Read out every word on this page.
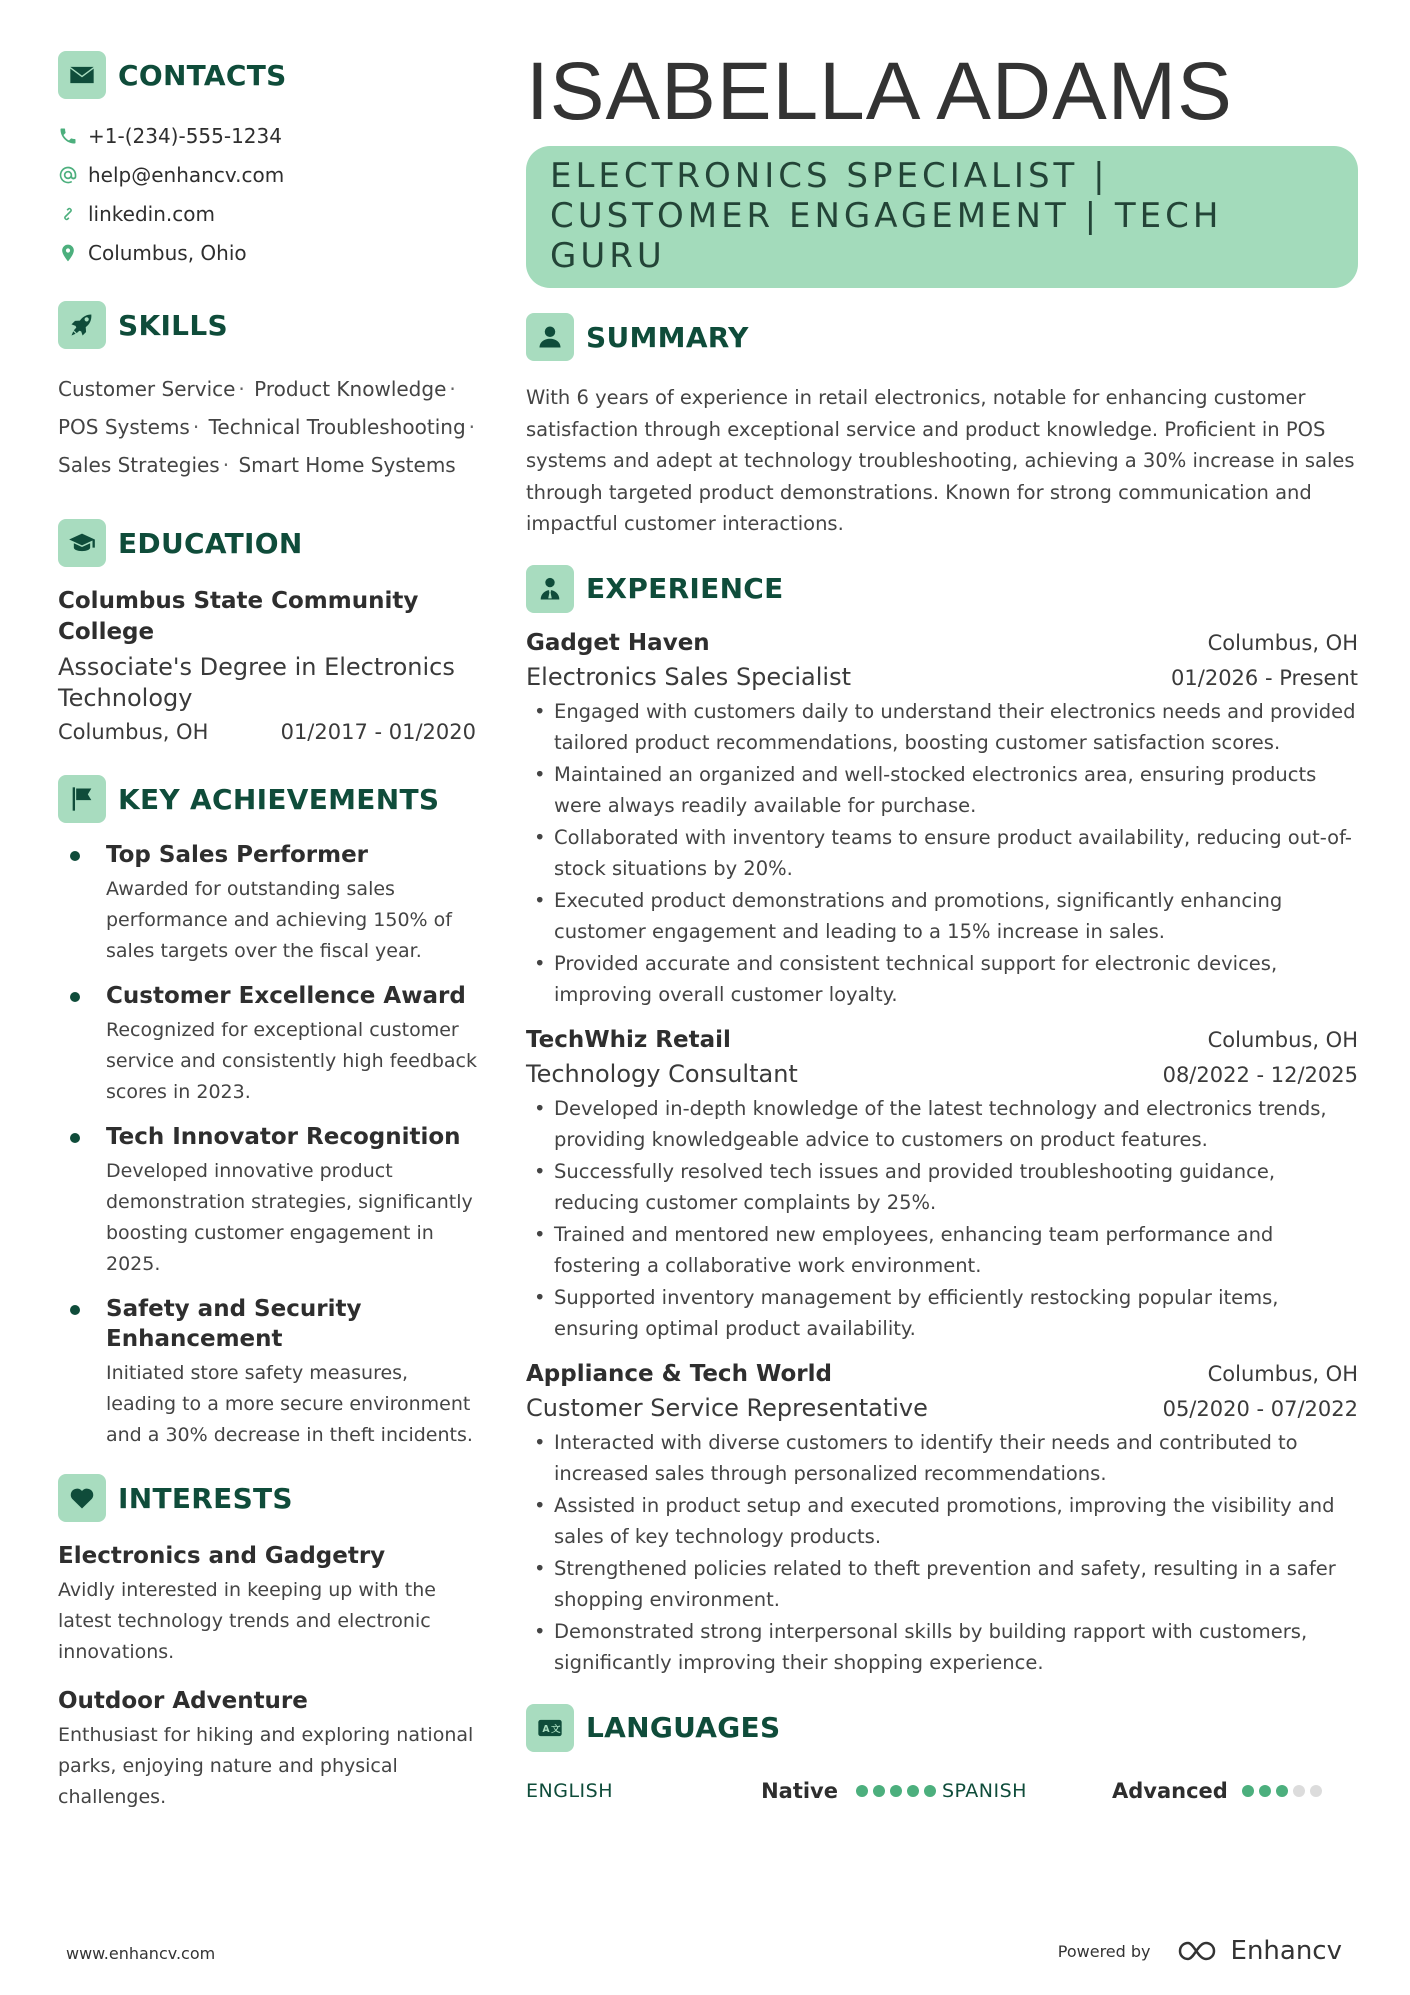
CONTACTS
+1-(234)-555-1234
help@enhancv.com
linkedin.com
Columbus, Ohio
SKILLS
Customer Service · Product Knowledge ·
POS Systems · Technical Troubleshooting ·
Sales Strategies · Smart Home Systems
EDUCATION
Columbus State Community College
Associate's Degree in Electronics Technology
Columbus, OH	01/2017 - 01/2020
KEY ACHIEVEMENTS
Top Sales Performer
Awarded for outstanding sales performance and achieving 150% of sales targets over the fiscal year.
Customer Excellence Award
Recognized for exceptional customer service and consistently high feedback scores in 2023.
Tech Innovator Recognition
Developed innovative product demonstration strategies, significantly boosting customer engagement in 2025.
Safety and Security Enhancement
Initiated store safety measures, leading to a more secure environment and a 30% decrease in theft incidents.
INTERESTS
Electronics and Gadgetry
Avidly interested in keeping up with the latest technology trends and electronic innovations.
Outdoor Adventure
Enthusiast for hiking and exploring national parks, enjoying nature and physical challenges.
ISABELLA ADAMS
ELECTRONICS SPECIALIST | CUSTOMER ENGAGEMENT | TECH GURU
SUMMARY

With 6 years of experience in retail electronics, notable for enhancing customer satisfaction through exceptional service and product knowledge. Proficient in POS systems and adept at technology troubleshooting, achieving a 30% increase in sales through targeted product demonstrations. Known for strong communication and impactful customer interactions.

EXPERIENCE
Gadget Haven	Columbus, OH
Electronics Sales Specialist	01/2026 - Present
• Engaged with customers daily to understand their electronics needs and provided tailored product recommendations, boosting customer satisfaction scores.
• Maintained an organized and well-stocked electronics area, ensuring products were always readily available for purchase.
• Collaborated with inventory teams to ensure product availability, reducing out-of-stock situations by 20%.
• Executed product demonstrations and promotions, significantly enhancing customer engagement and leading to a 15% increase in sales.
• Provided accurate and consistent technical support for electronic devices, improving overall customer loyalty.
TechWhiz Retail	Columbus, OH
Technology Consultant	08/2022 - 12/2025
• Developed in-depth knowledge of the latest technology and electronics trends, providing knowledgeable advice to customers on product features.
• Successfully resolved tech issues and provided troubleshooting guidance, reducing customer complaints by 25%.
• Trained and mentored new employees, enhancing team performance and fostering a collaborative work environment.
• Supported inventory management by efficiently restocking popular items, ensuring optimal product availability.
Appliance & Tech World	Columbus, OH
Customer Service Representative	05/2020 - 07/2022
• Interacted with diverse customers to identify their needs and contributed to increased sales through personalized recommendations.
• Assisted in product setup and executed promotions, improving the visibility and sales of key technology products.
• Strengthened policies related to theft prevention and safety, resulting in a safer shopping environment.
• Demonstrated strong interpersonal skills by building rapport with customers, significantly improving their shopping experience.
A 文 LANGUAGES
ENGLISH	Native	SPANISH	Advanced
www.enhancv.com	Powered by	Enhancv
